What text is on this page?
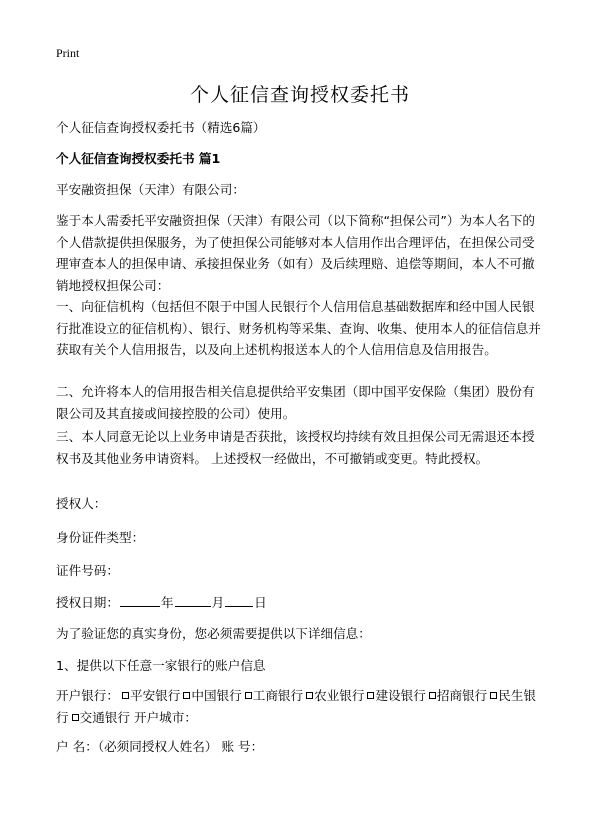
Print
个人征信查询授权委托书

个人征信查询授权委托书（精选6篇）

个人征信查询授权委托书 篇1

平安融资担保（天津）有限公司：

鉴于本人需委托平安融资担保（天津）有限公司（以下简称“担保公司”）为本人名下的个人借款提供担保服务，为了使担保公司能够对本人信用作出合理评估，在担保公司受理审查本人的担保申请、承接担保业务（如有）及后续理赔、追偿等期间，本人不可撤销地授权担保公司：

一、向征信机构（包括但不限于中国人民银行个人信用信息基础数据库和经中国人民银行批准设立的征信机构）、银行、财务机构等采集、查询、收集、使用本人的征信信息并获取有关个人信用报告，以及向上述机构报送本人的个人信用信息及信用报告。

二、允许将本人的信用报告相关信息提供给平安集团（即中国平安保险（集团）股份有限公司及其直接或间接控股的公司）使用。

三、本人同意无论以上业务申请是否获批，该授权均持续有效且担保公司无需退还本授权书及其他业务申请资料。 上述授权一经做出，不可撤销或变更。特此授权。

授权人：

身份证件类型：

证件号码：

授权日期：	年	月 日

为了验证您的真实身份，您必须需要提供以下详细信息：

1、提供以下任意一家银行的账户信息

开户银行： 平安银行 中国银行 工商银行 农业银行 建设银行 招商银行 民生银行 交通银行 开户城市：

户 名：（必须同授权人姓名） 账 号：
